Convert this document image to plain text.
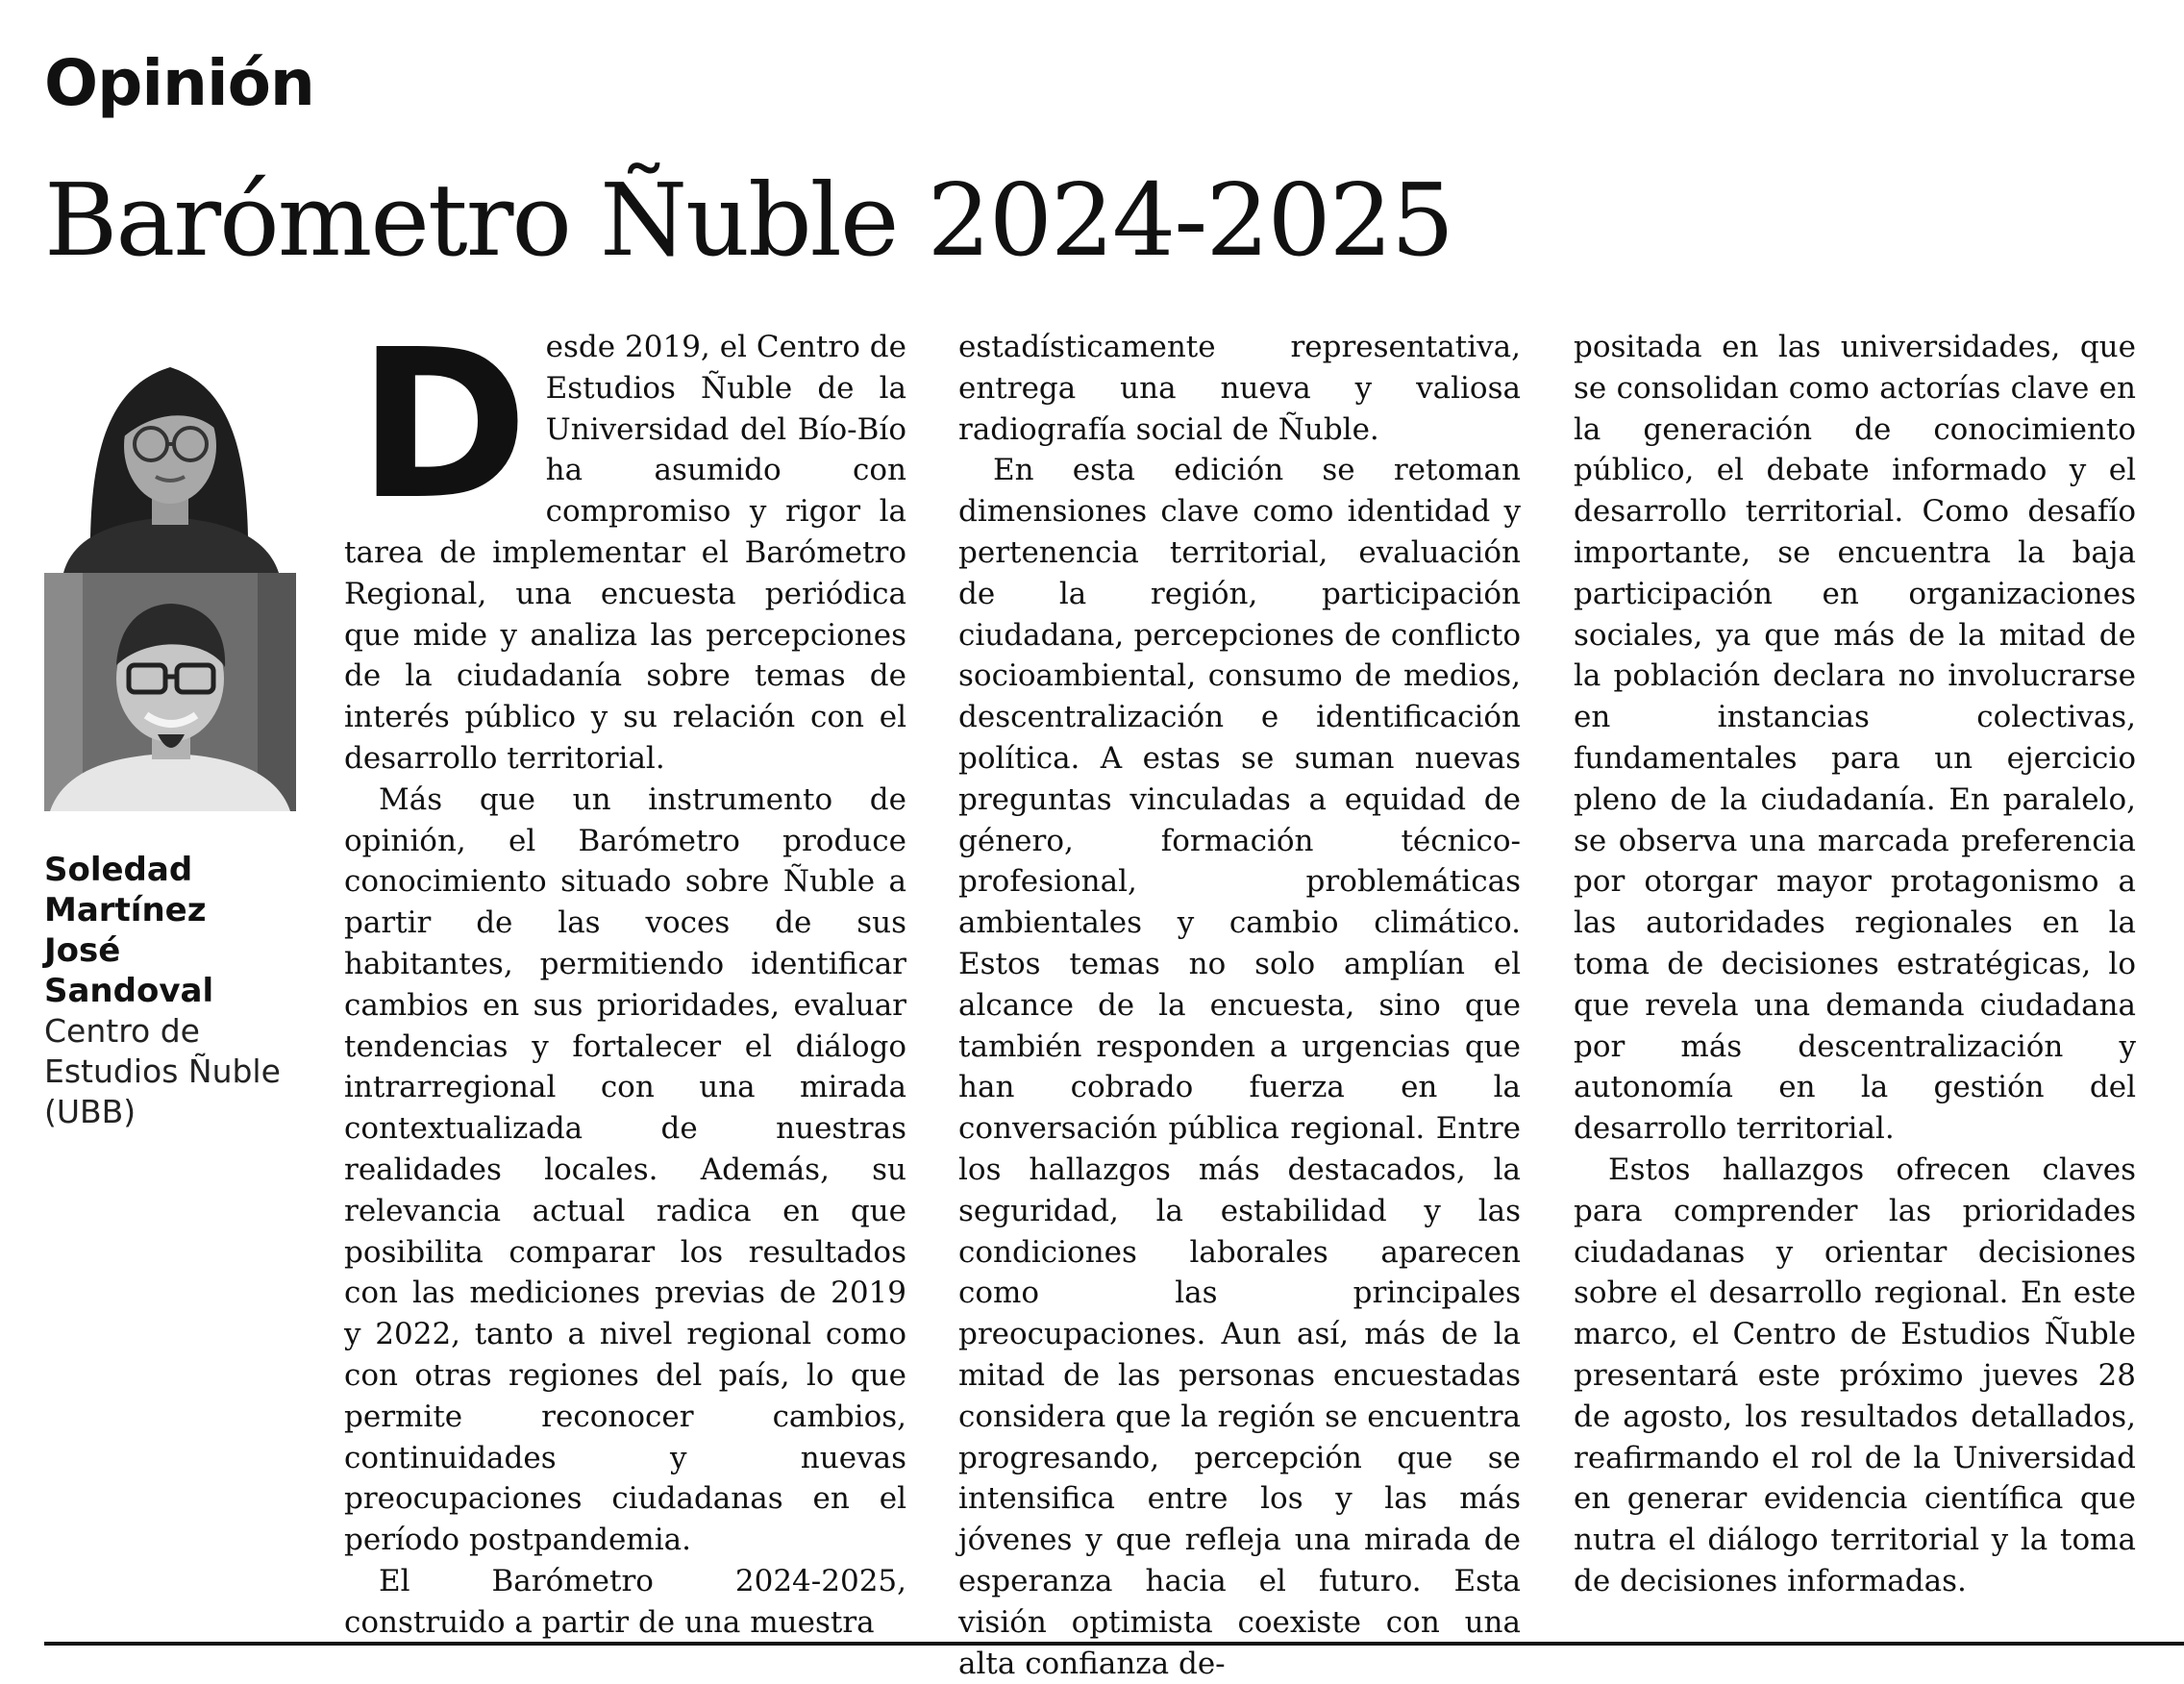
Opinión
Barómetro Ñuble 2024-2025
Soledad
Martínez
José
Sandoval
Centro de
Estudios Ñuble
(UBB)
D esde 2019, el Centro de Estudios Ñuble de la Universidad del Bío-Bío ha asumido con compromiso y rigor la tarea de implementar el Barómetro Regional, una encuesta periódica que mide y analiza las percepciones de la ciudadanía sobre temas de interés público y su relación con el desarrollo territorial.

Más que un instrumento de opinión, el Barómetro produce conocimiento situado sobre Ñuble a partir de las voces de sus habitantes, permitiendo identificar cambios en sus prioridades, evaluar tendencias y fortalecer el diálogo intrarregional con una mirada contextualizada de nuestras realidades locales. Además, su relevancia actual radica en que posibilita comparar los resultados con las mediciones previas de 2019 y 2022, tanto a nivel regional como con otras regiones del país, lo que permite reconocer cambios, continuidades y nuevas preocupaciones ciudadanas en el período postpandemia.

El Barómetro 2024-2025, construido a partir de una muestra

estadísticamente representativa, entrega una nueva y valiosa radiografía social de Ñuble.

En esta edición se retoman dimensiones clave como identidad y pertenencia territorial, evaluación de la región, participación ciudadana, percepciones de conflicto socioambiental, consumo de medios, descentralización e identificación política. A estas se suman nuevas preguntas vinculadas a equidad de género, formación técnico-profesional, problemáticas ambientales y cambio climático. Estos temas no solo amplían el alcance de la encuesta, sino que también responden a urgencias que han cobrado fuerza en la conversación pública regional. Entre los hallazgos más destacados, la seguridad, la estabilidad y las condiciones laborales aparecen como las principales preocupaciones. Aun así, más de la mitad de las personas encuestadas considera que la región se encuentra progresando, percepción que se intensifica entre los y las más jóvenes y que refleja una mirada de esperanza hacia el futuro. Esta visión optimista coexiste con una alta confianza de-

positada en las universidades, que se consolidan como actorías clave en la generación de conocimiento público, el debate informado y el desarrollo territorial. Como desafío importante, se encuentra la baja participación en organizaciones sociales, ya que más de la mitad de la población declara no involucrarse en instancias colectivas, fundamentales para un ejercicio pleno de la ciudadanía. En paralelo, se observa una marcada preferencia por otorgar mayor protagonismo a las autoridades regionales en la toma de decisiones estratégicas, lo que revela una demanda ciudadana por más descentralización y autonomía en la gestión del desarrollo territorial.

Estos hallazgos ofrecen claves para comprender las prioridades ciudadanas y orientar decisiones sobre el desarrollo regional. En este marco, el Centro de Estudios Ñuble presentará este próximo jueves 28 de agosto, los resultados detallados, reafirmando el rol de la Universidad en generar evidencia científica que nutra el diálogo territorial y la toma de decisiones informadas.
